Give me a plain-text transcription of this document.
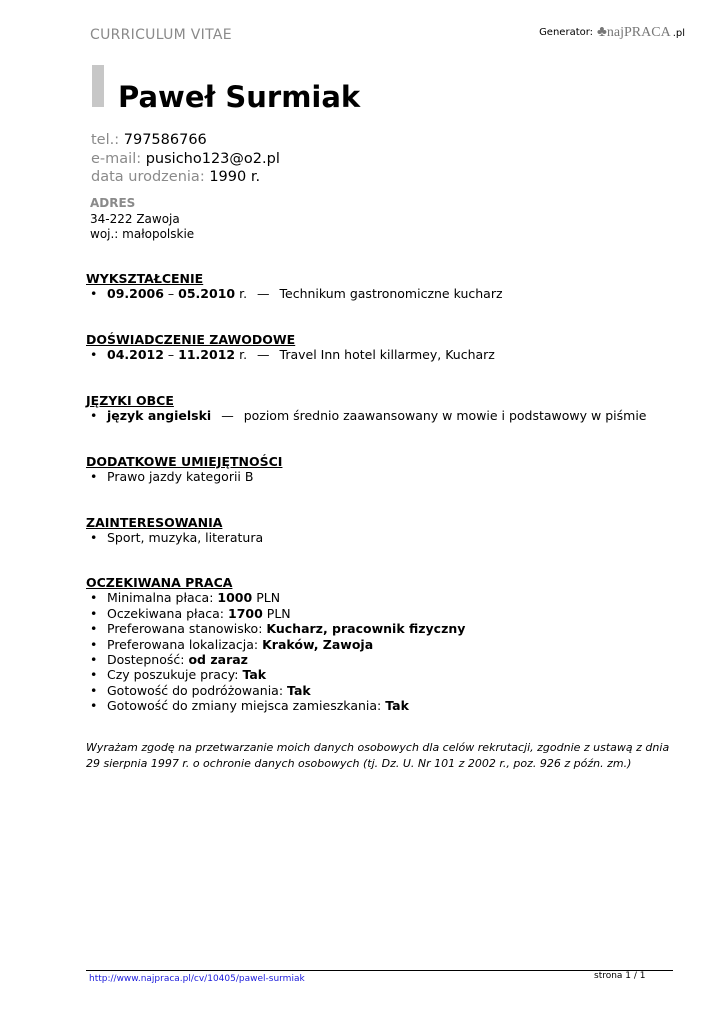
CURRICULUM VITAE	Generator: ♣ najPRACA .pl
Paweł Surmiak
tel.: 797586766
e-mail: pusicho123@o2.pl
data urodzenia: 1990 r.
ADRES
34-222 Zawoja
woj.: małopolskie
WYKSZTAŁCENIE
• 09.2006 – 05.2010 r. — Technikum gastronomiczne kucharz
DOŚWIADCZENIE ZAWODOWE
• 04.2012 – 11.2012 r. — Travel Inn hotel killarmey, Kucharz
JĘZYKI OBCE
• język angielski — poziom średnio zaawansowany w mowie i podstawowy w piśmie
DODATKOWE UMIEJĘTNOŚCI
• Prawo jazdy kategorii B
ZAINTERESOWANIA
• Sport, muzyka, literatura
OCZEKIWANA PRACA
• Minimalna płaca: 1000 PLN
• Oczekiwana płaca: 1700 PLN
• Preferowana stanowisko: Kucharz, pracownik fizyczny
• Preferowana lokalizacja: Kraków, Zawoja
• Dostepność: od zaraz
• Czy poszukuje pracy: Tak
• Gotowość do podróżowania: Tak
• Gotowość do zmiany miejsca zamieszkania: Tak
Wyrażam zgodę na przetwarzanie moich danych osobowych dla celów rekrutacji, zgodnie z ustawą z dnia 29 sierpnia 1997 r. o ochronie danych osobowych (tj. Dz. U. Nr 101 z 2002 r., poz. 926 z późn. zm.)
http://www.najpraca.pl/cv/10405/pawel-surmiak	strona 1 / 1
